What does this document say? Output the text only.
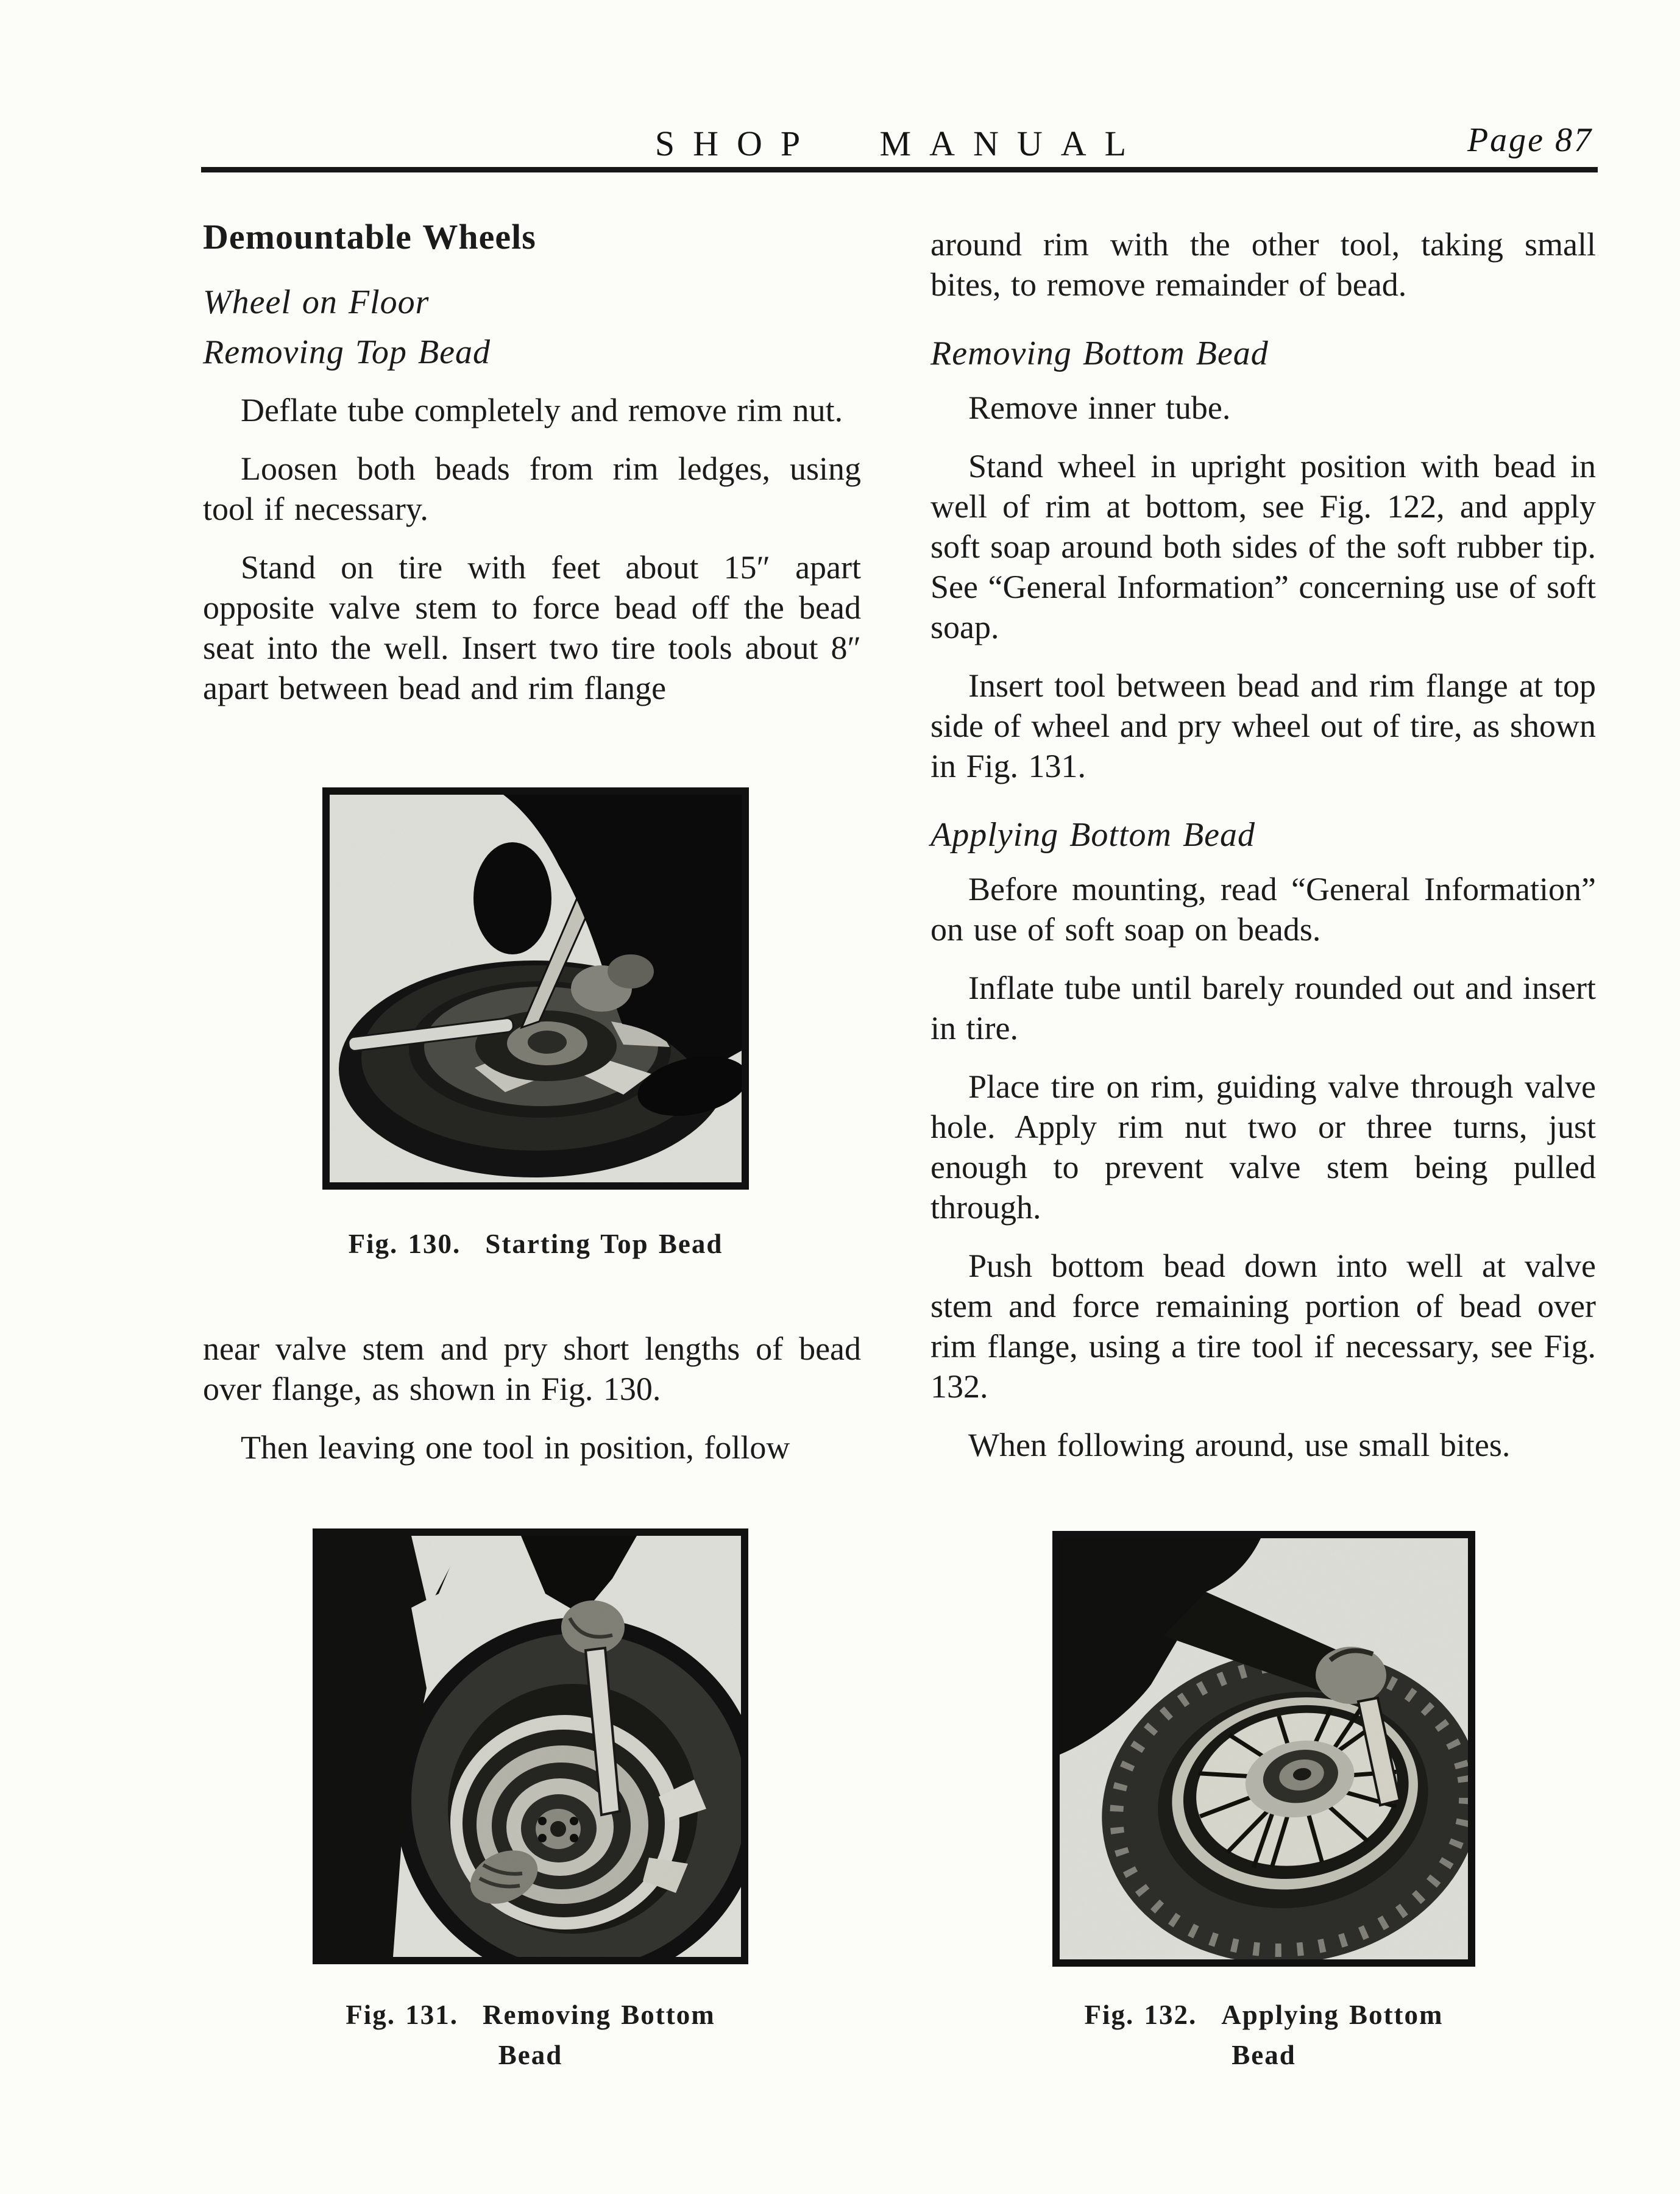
SHOP MANUAL	Page 87
Demountable Wheels
Wheel on Floor
Removing Top Bead

Deflate tube completely and remove rim nut.

Loosen both beads from rim ledges, using tool if necessary.

Stand on tire with feet about 15″ apart opposite valve stem to force bead off the bead seat into the well. Insert two tire tools about 8″ apart between bead and rim flange

Fig. 130. Starting Top Bead

near valve stem and pry short lengths of bead over flange, as shown in Fig. 130.

Then leaving one tool in position, follow

Fig. 131. Removing Bottom Bead

around rim with the other tool, taking small bites, to remove remainder of bead.

Removing Bottom Bead

Remove inner tube.

Stand wheel in upright position with bead in well of rim at bottom, see Fig. 122, and apply soft soap around both sides of the soft rubber tip. See “General Information” concerning use of soft soap.

Insert tool between bead and rim flange at top side of wheel and pry wheel out of tire, as shown in Fig. 131.

Applying Bottom Bead

Before mounting, read “General Information” on use of soft soap on beads.

Inflate tube until barely rounded out and insert in tire.

Place tire on rim, guiding valve through valve hole. Apply rim nut two or three turns, just enough to prevent valve stem being pulled through.

Push bottom bead down into well at valve stem and force remaining portion of bead over rim flange, using a tire tool if necessary, see Fig. 132.

When following around, use small bites.

Fig. 132. Applying Bottom Bead
